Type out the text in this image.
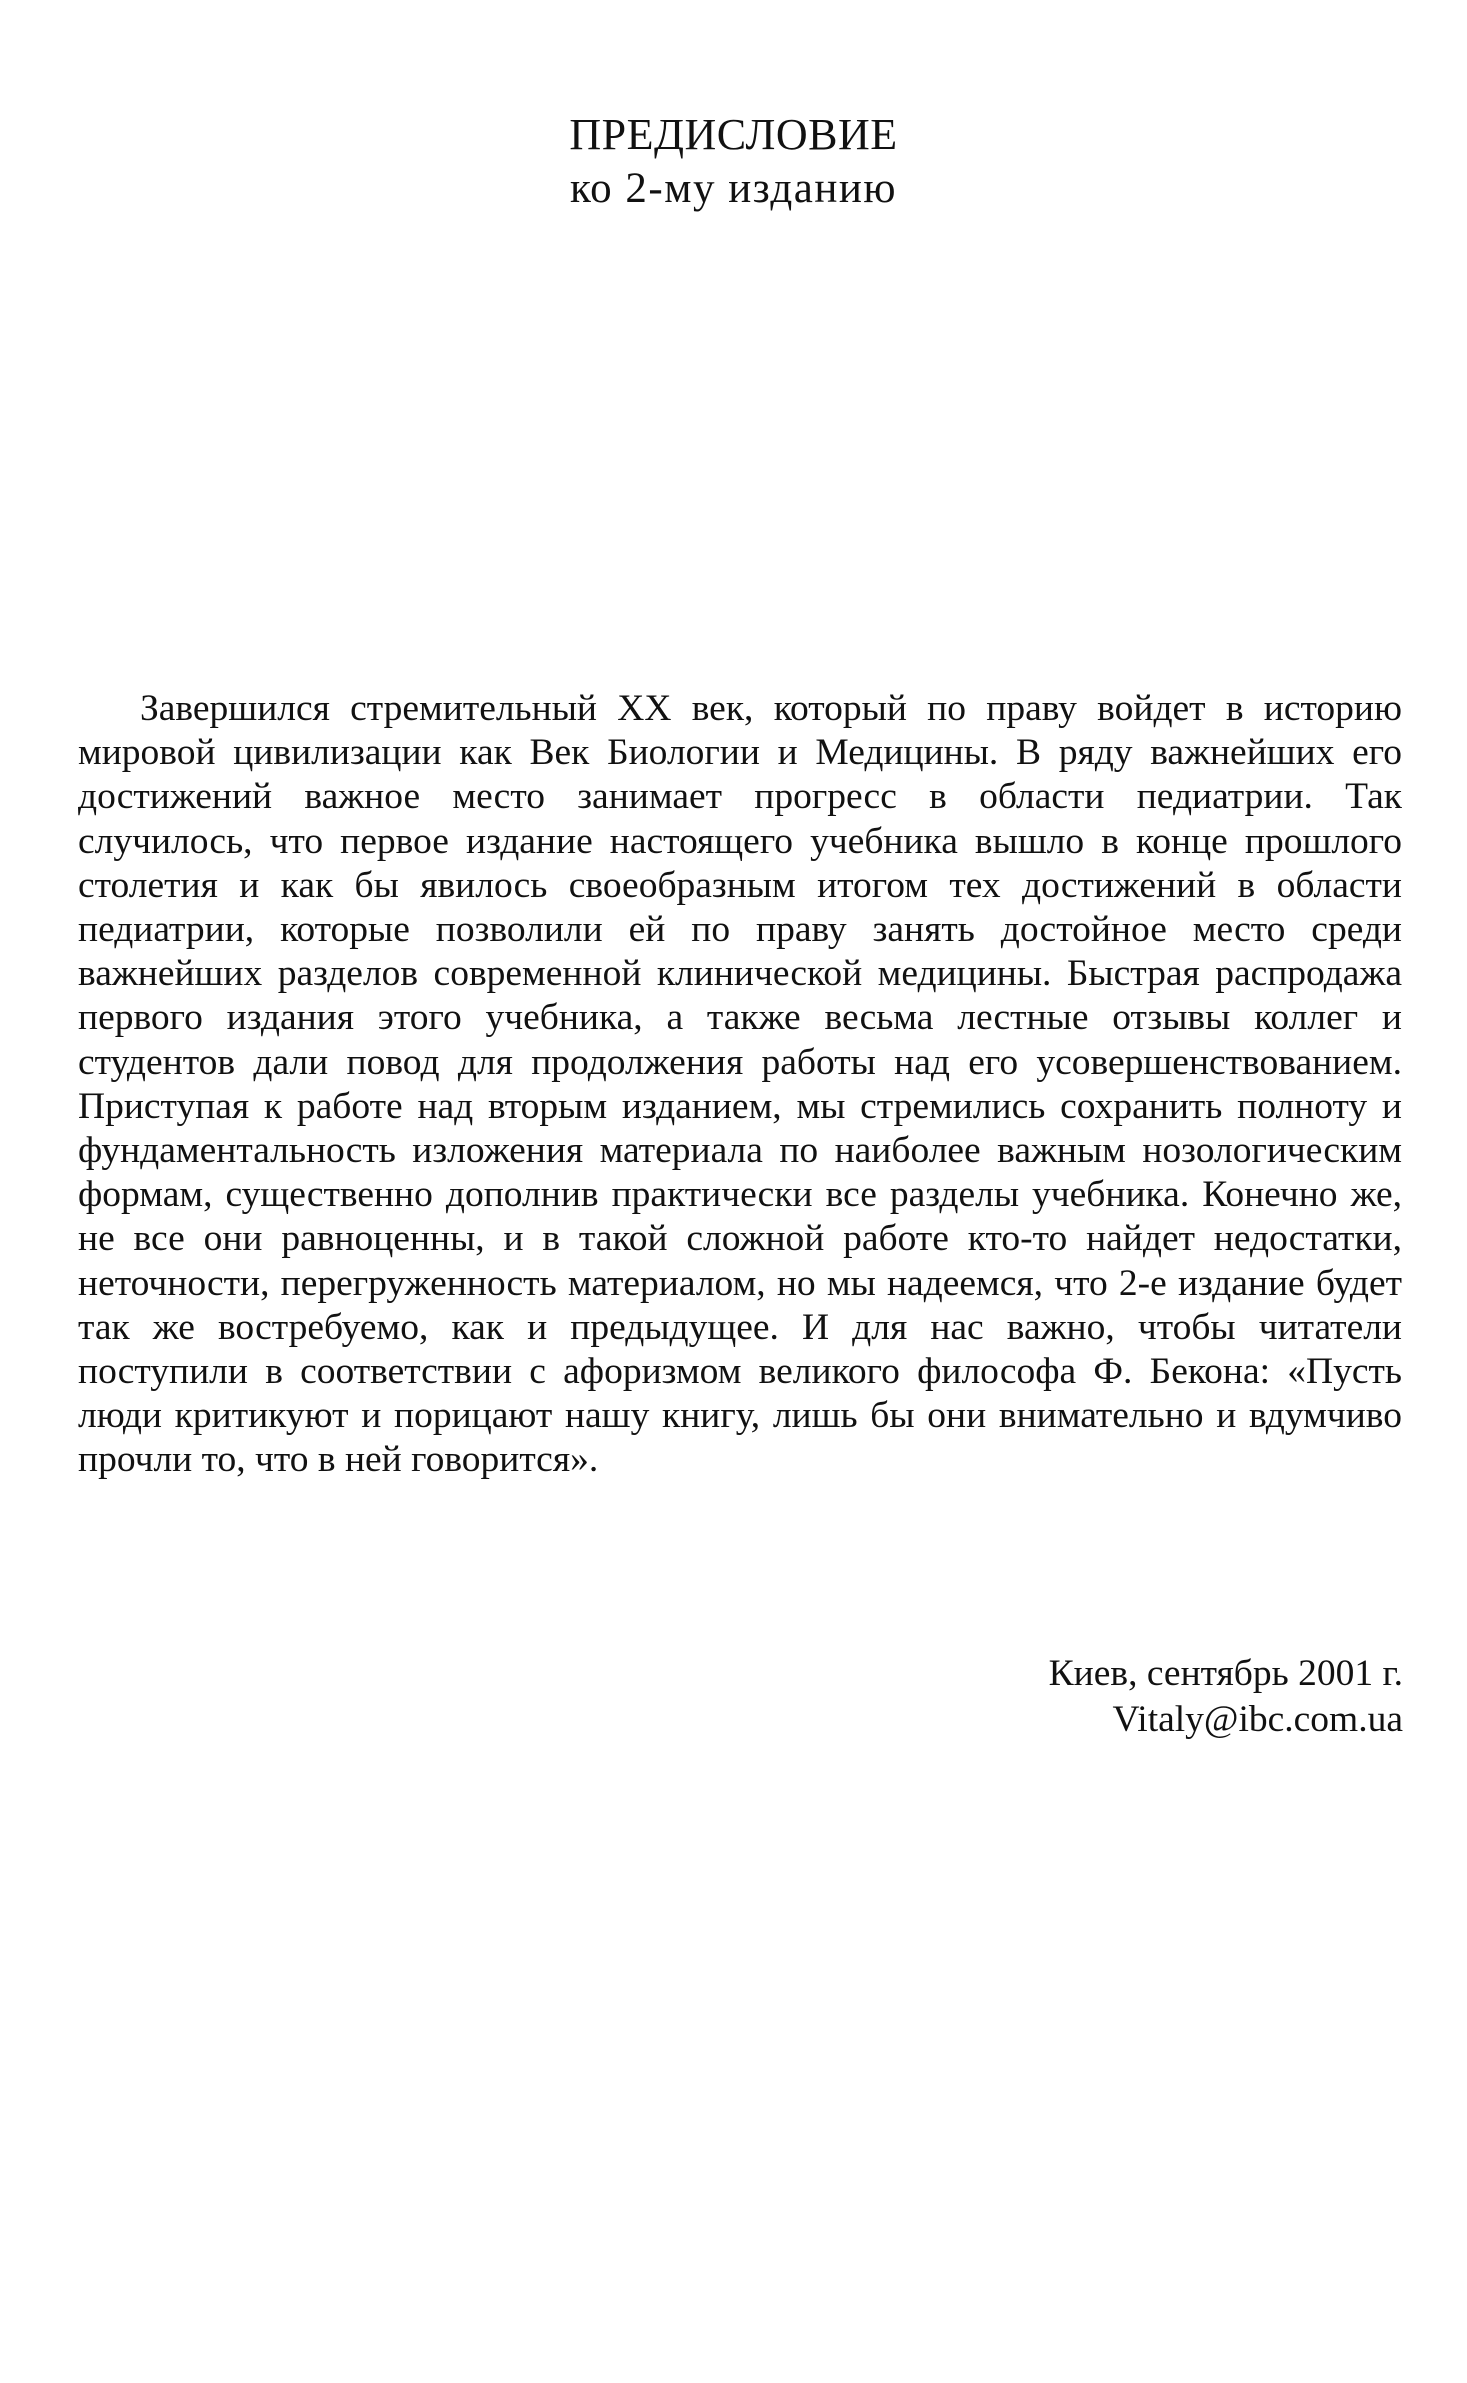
ПРЕДИСЛОВИЕ
ко 2-му изданию

Завершился стремительный XX век, который по праву войдет в историю мировой цивилизации как Век Биологии и Медицины. В ряду важнейших его достижений важное место занимает прогресс в области педиатрии. Так случилось, что первое издание настоящего учебника вышло в конце прошлого столетия и как бы явилось своеобразным итогом тех достижений в области педиатрии, которые позволили ей по праву занять достойное место среди важнейших разделов современной клинической медицины. Быстрая распродажа первого издания этого учебника, а также весьма лестные отзывы коллег и студентов дали повод для продолжения работы над его усовершенствованием. Приступая к работе над вторым изданием, мы стремились сохранить полноту и фундаментальность изложения материала по наиболее важным нозологическим формам, существенно дополнив практически все разделы учебника. Конечно же, не все они равноценны, и в такой сложной работе кто-то найдет недостатки, неточности, перегруженность материалом, но мы надеемся, что 2-е издание будет так же востребуемо, как и предыдущее. И для нас важно, чтобы читатели поступили в соответствии с афоризмом великого философа Ф. Бекона: «Пусть люди критикуют и порицают нашу книгу, лишь бы они внимательно и вдумчиво прочли то, что в ней говорится».

Киев, сентябрь 2001 г.
Vitaly@ibc.com.ua
